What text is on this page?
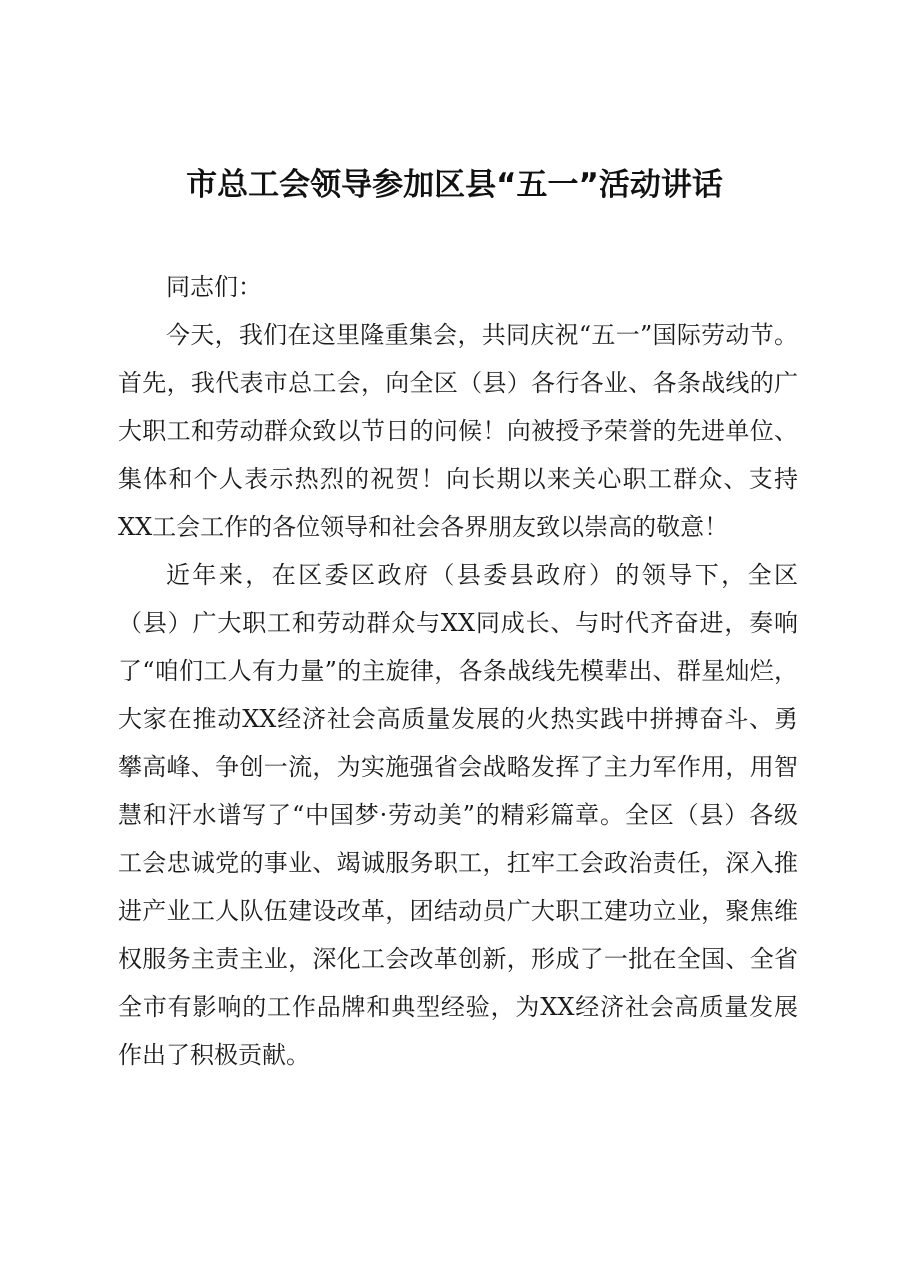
市总工会领导参加区县“五一”活动讲话

同志们：

今天，我们在这里隆重集会，共同庆祝“五一”国际劳动节。首先，我代表市总工会，向全区（县）各行各业、各条战线的广大职工和劳动群众致以节日的问候！向被授予荣誉的先进单位、集体和个人表示热烈的祝贺！向长期以来关心职工群众、支持XX工会工作的各位领导和社会各界朋友致以崇高的敬意！

近年来，在区委区政府（县委县政府）的领导下，全区（县）广大职工和劳动群众与XX同成长、与时代齐奋进，奏响了“咱们工人有力量”的主旋律，各条战线先模辈出、群星灿烂，大家在推动XX经济社会高质量发展的火热实践中拼搏奋斗、勇攀高峰、争创一流，为实施强省会战略发挥了主力军作用，用智慧和汗水谱写了“中国梦·劳动美”的精彩篇章。全区（县）各级工会忠诚党的事业、竭诚服务职工，扛牢工会政治责任，深入推进产业工人队伍建设改革，团结动员广大职工建功立业，聚焦维权服务主责主业，深化工会改革创新，形成了一批在全国、全省全市有影响的工作品牌和典型经验，为XX经济社会高质量发展作出了积极贡献。
